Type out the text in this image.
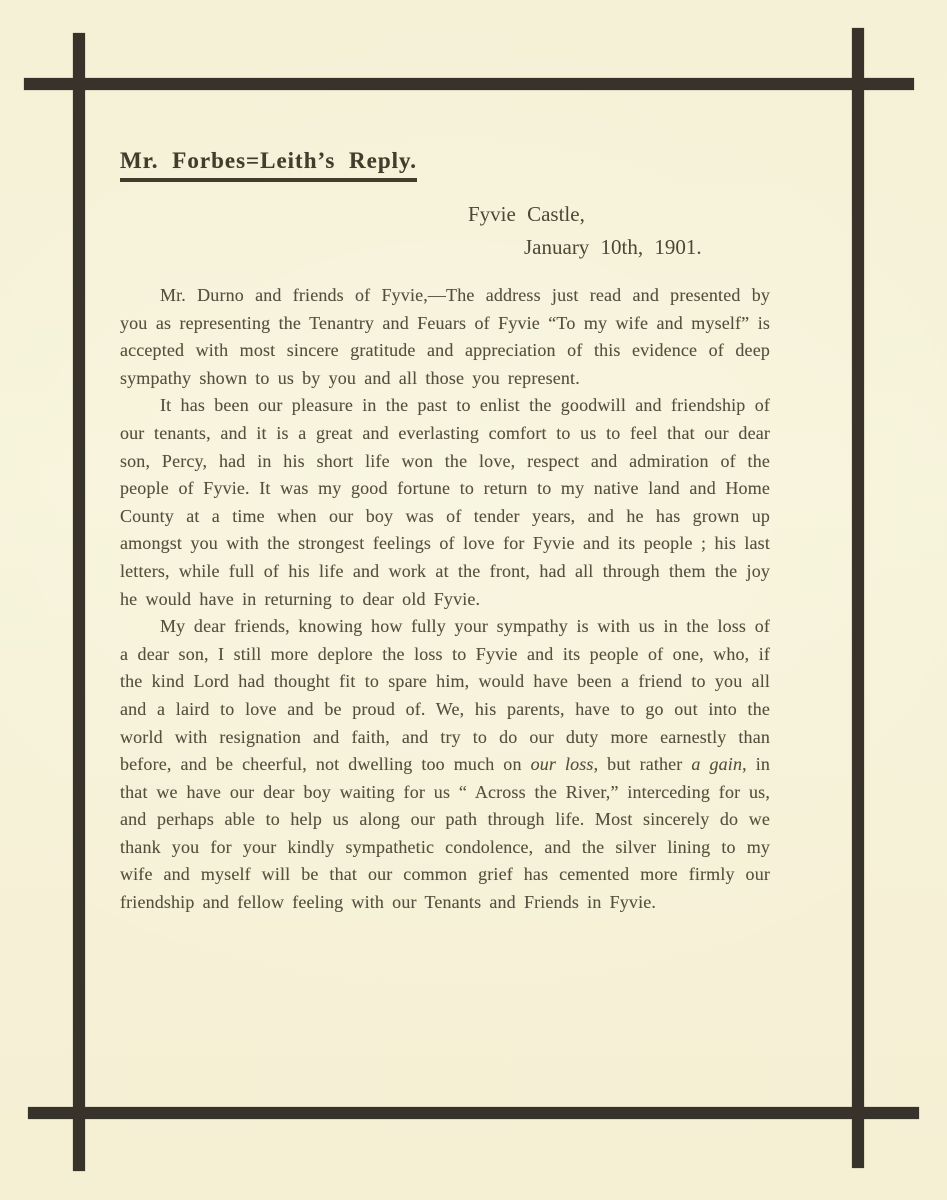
Mr. Forbes=Leith’s Reply.
Fyvie Castle,
January 10th, 1901.

Mr. Durno and friends of Fyvie,—The address just read and presented by you as representing the Tenantry and Feuars of Fyvie “To my wife and myself” is accepted with most sincere gratitude and appreciation of this evidence of deep sympathy shown to us by you and all those you represent.

It has been our pleasure in the past to enlist the goodwill and friendship of our tenants, and it is a great and everlasting comfort to us to feel that our dear son, Percy, had in his short life won the love, respect and admiration of the people of Fyvie. It was my good fortune to return to my native land and Home County at a time when our boy was of tender years, and he has grown up amongst you with the strongest feelings of love for Fyvie and its people ; his last letters, while full of his life and work at the front, had all through them the joy he would have in returning to dear old Fyvie.

My dear friends, knowing how fully your sympathy is with us in the loss of a dear son, I still more deplore the loss to Fyvie and its people of one, who, if the kind Lord had thought fit to spare him, would have been a friend to you all and a laird to love and be proud of. We, his parents, have to go out into the world with resignation and faith, and try to do our duty more earnestly than before, and be cheerful, not dwelling too much on our loss, but rather a gain, in that we have our dear boy waiting for us “ Across the River,” interceding for us, and perhaps able to help us along our path through life. Most sincerely do we thank you for your kindly sympathetic condolence, and the silver lining to my wife and myself will be that our common grief has cemented more firmly our friendship and fellow feeling with our Tenants and Friends in Fyvie.
